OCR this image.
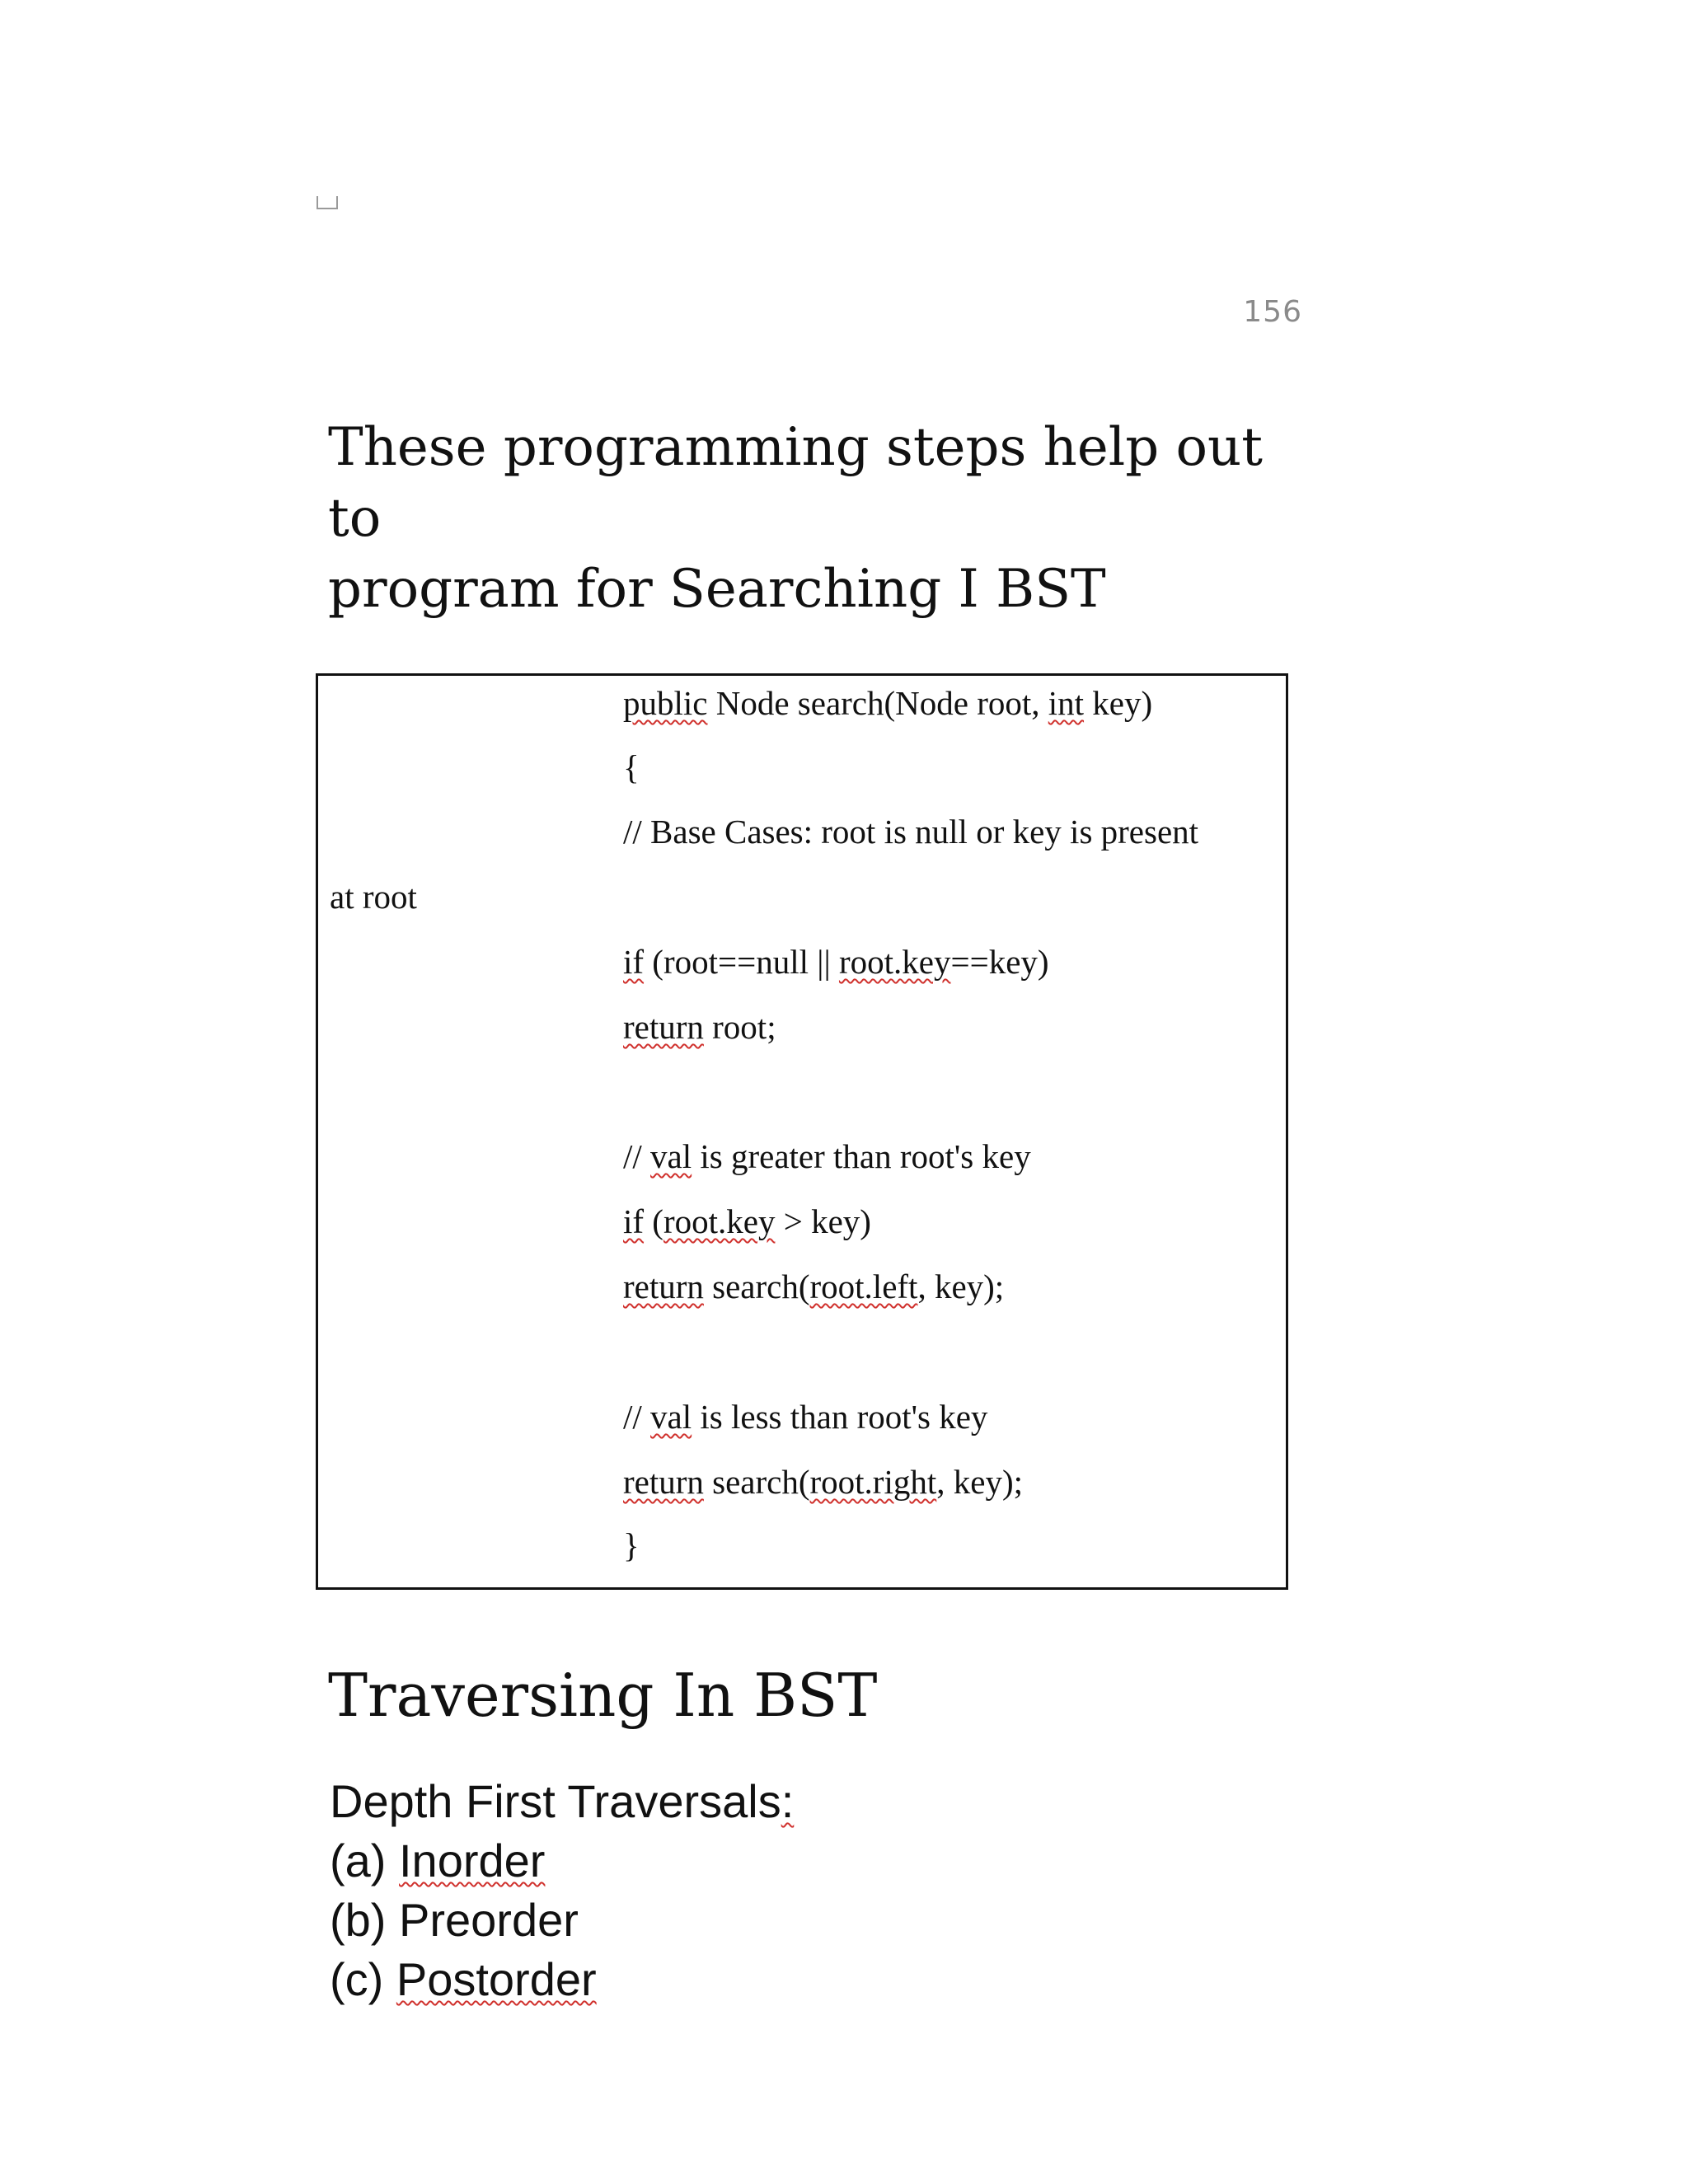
156
These programming steps help out to
program for Searching I BST
public Node search(Node root, int key)
{
// Base Cases: root is null or key is present
at root
if (root==null || root.key==key)
return root;
// val is greater than root's key
if (root.key > key)
return search(root.left, key);
// val is less than root's key
return search(root.right, key);
}
Traversing In BST
Depth First Traversals:
(a) Inorder
(b) Preorder
(c) Postorder
